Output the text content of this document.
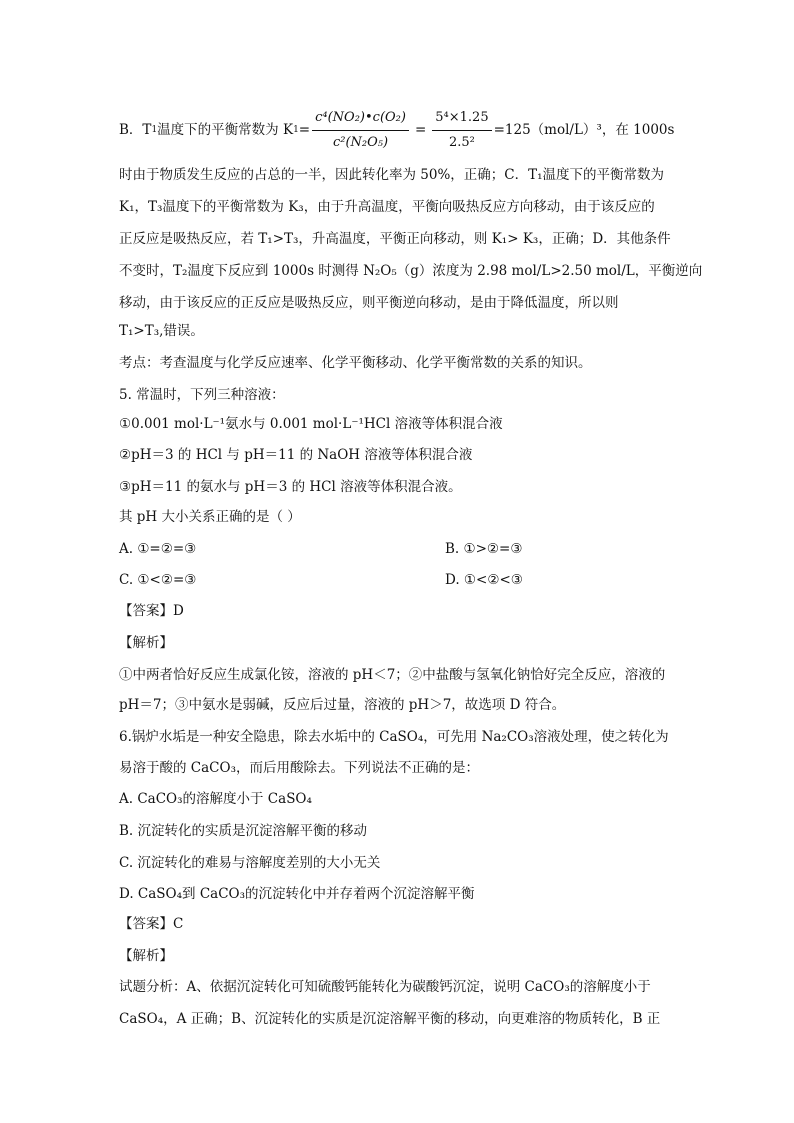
B．T 1 温度下的平衡常数为 K $1 = \frac{\text{c⁴(NO₂)•c(O₂)}}{\text{c²(N₂O₅)}} = \frac{\text{5⁴×1.25}}{\text{2.5²}} =125(mol/L)^3$，在 1000s
时由于物质发生反应的占总的一半，因此转化率为 50%，正确；C．T₁温度下的平衡常数为
K₁，T₃温度下的平衡常数为 K₃，由于升高温度，平衡向吸热反应方向移动，由于该反应的
正反应是吸热反应，若 T₁>T₃，升高温度，平衡正向移动，则 K₁> K₃，正确；D．其他条件
不变时，T₂温度下反应到 1000s 时测得 N₂O₅（g）浓度为 2.98 mol/L>2.50 mol/L，平衡逆向
移动，由于该反应的正反应是吸热反应，则平衡逆向移动，是由于降低温度，所以则
T₁>T₃,错误。
考点：考查温度与化学反应速率、化学平衡移动、化学平衡常数的关系的知识。
5. 常温时，下列三种溶液：
①0.001 mol·L⁻¹氨水与 0.001 mol·L⁻¹HCl 溶液等体积混合液
②pH＝3 的 HCl 与 pH＝11 的 NaOH 溶液等体积混合液
③pH＝11 的氨水与 pH＝3 的 HCl 溶液等体积混合液。
其 pH 大小关系正确的是（ ）
A. ①=②=③	B. ①>②=③
C. ①<②=③	D. ①<②<③
【答案】D
【解析】
①中两者恰好反应生成氯化铵，溶液的 pH＜7；②中盐酸与氢氧化钠恰好完全反应，溶液的
pH＝7；③中氨水是弱碱，反应后过量，溶液的 pH＞7，故选项 D 符合。
6.锅炉水垢是一种安全隐患，除去水垢中的 CaSO₄，可先用 Na₂CO₃溶液处理，使之转化为
易溶于酸的 CaCO₃，而后用酸除去。下列说法不正确的是：
A. CaCO₃的溶解度小于 CaSO₄
B. 沉淀转化的实质是沉淀溶解平衡的移动
C. 沉淀转化的难易与溶解度差别的大小无关
D. CaSO₄到 CaCO₃的沉淀转化中并存着两个沉淀溶解平衡
【答案】C
【解析】
试题分析：A、依据沉淀转化可知硫酸钙能转化为碳酸钙沉淀，说明 CaCO₃的溶解度小于
CaSO₄，A 正确；B、沉淀转化的实质是沉淀溶解平衡的移动，向更难溶的物质转化，B 正
